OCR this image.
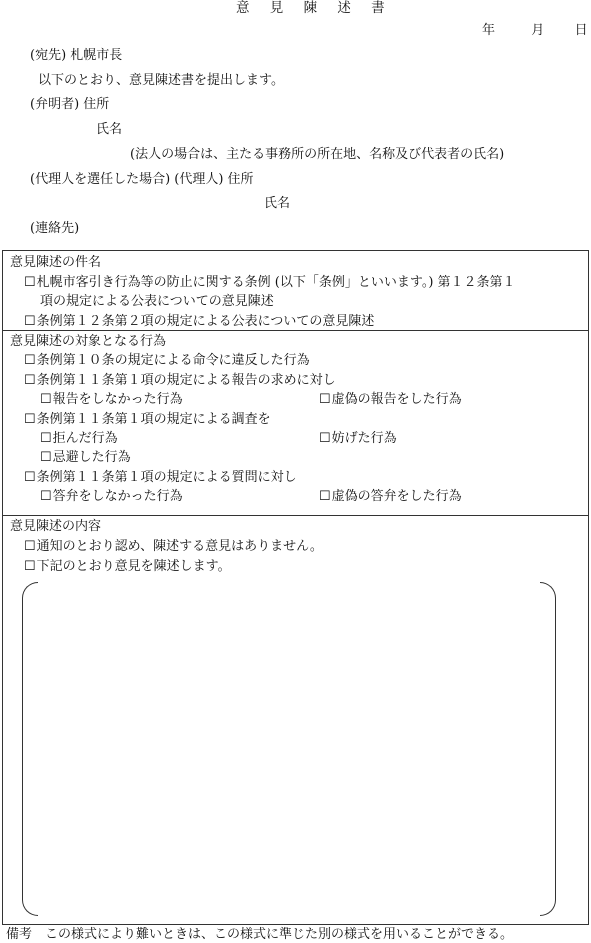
意 見 陳 述 書
年	月 日
(宛先) 札幌市長
以下のとおり、意見陳述書を提出します。
(弁明者) 住所
氏名
(法人の場合は、主たる事務所の所在地、名称及び代表者の氏名)
(代理人を選任した場合) (代理人) 住所
氏名
(連絡先)
意見陳述の件名
☐札幌市客引き行為等の防止に関する条例 (以下「条例」といいます。) 第１２条第１
項の規定による公表についての意見陳述
☐条例第１２条第２項の規定による公表についての意見陳述
意見陳述の対象となる行為
☐条例第１０条の規定による命令に違反した行為
☐条例第１１条第１項の規定による報告の求めに対し
☐報告をしなかった行為	☐虚偽の報告をした行為
☐条例第１１条第１項の規定による調査を
☐拒んだ行為	☐妨げた行為
☐忌避した行為
☐条例第１１条第１項の規定による質問に対し
☐答弁をしなかった行為	☐虚偽の答弁をした行為
意見陳述の内容
☐通知のとおり認め、陳述する意見はありません。
☐下記のとおり意見を陳述します。
備考　この様式により難いときは、この様式に準じた別の様式を用いることができる。
